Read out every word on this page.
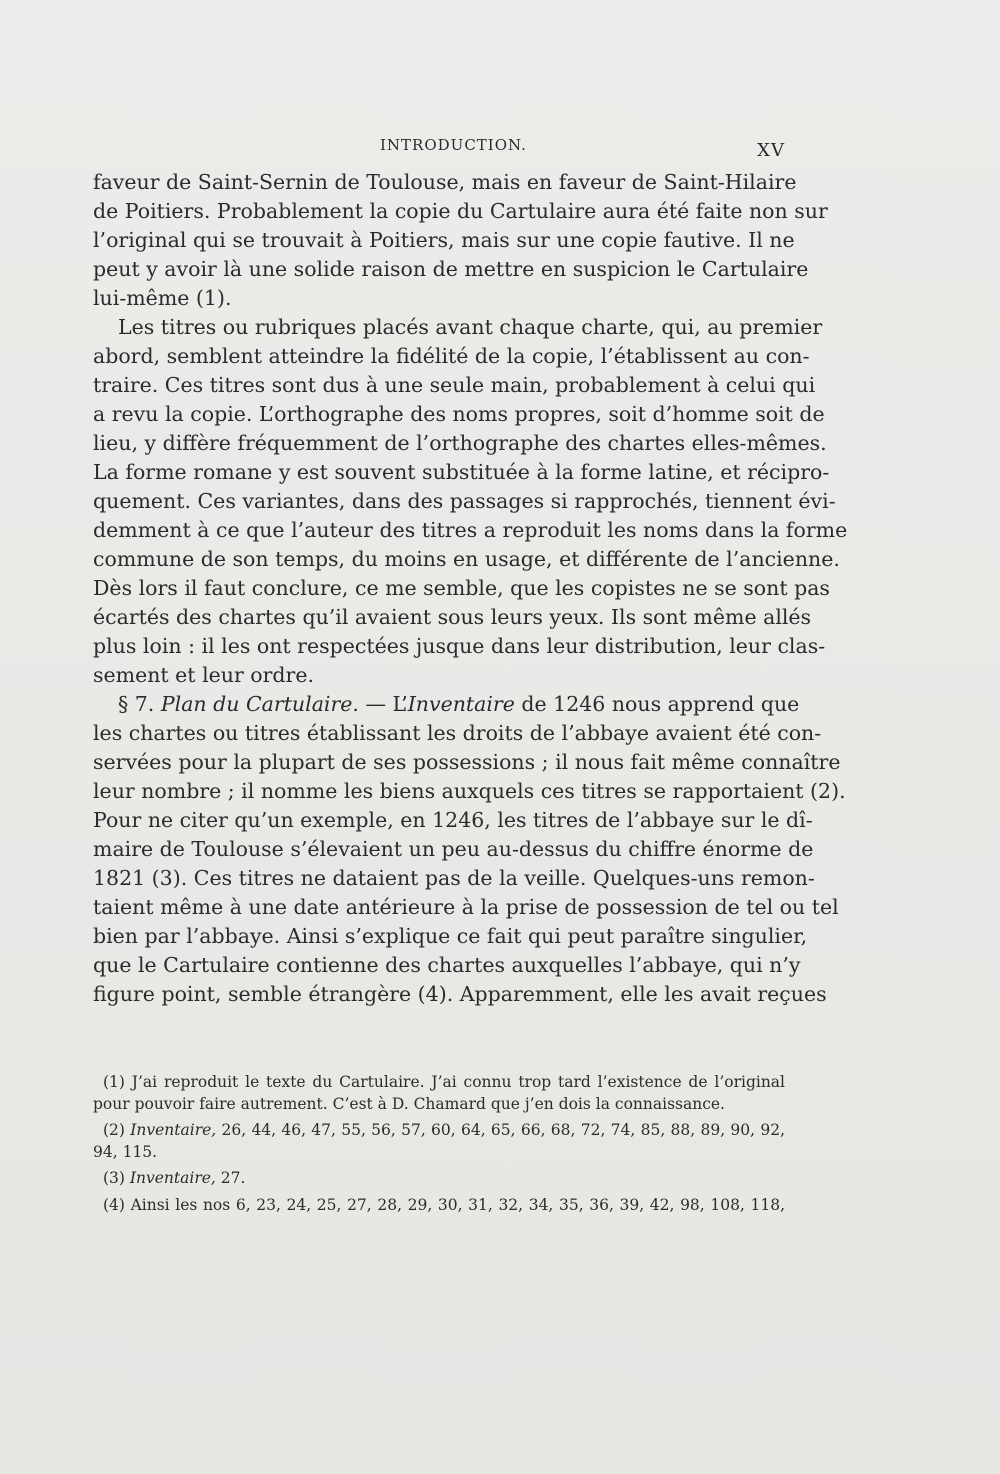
INTRODUCTION.	XV
faveur de Saint-Sernin de Toulouse, mais en faveur de Saint-Hilaire
de Poitiers. Probablement la copie du Cartulaire aura été faite non sur
l’original qui se trouvait à Poitiers, mais sur une copie fautive. Il ne
peut y avoir là une solide raison de mettre en suspicion le Cartulaire
lui-même (1).
Les titres ou rubriques placés avant chaque charte, qui, au premier
abord, semblent atteindre la fidélité de la copie, l’établissent au con-
traire. Ces titres sont dus à une seule main, probablement à celui qui
a revu la copie. L’orthographe des noms propres, soit d’homme soit de
lieu, y diffère fréquemment de l’orthographe des chartes elles-mêmes.
La forme romane y est souvent substituée à la forme latine, et récipro-
quement. Ces variantes, dans des passages si rapprochés, tiennent évi-
demment à ce que l’auteur des titres a reproduit les noms dans la forme
commune de son temps, du moins en usage, et différente de l’ancienne.
Dès lors il faut conclure, ce me semble, que les copistes ne se sont pas
écartés des chartes qu’il avaient sous leurs yeux. Ils sont même allés
plus loin : il les ont respectées jusque dans leur distribution, leur clas-
sement et leur ordre.
§ 7. Plan du Cartulaire. — L’Inventaire de 1246 nous apprend que
les chartes ou titres établissant les droits de l’abbaye avaient été con-
servées pour la plupart de ses possessions ; il nous fait même connaître
leur nombre ; il nomme les biens auxquels ces titres se rapportaient (2).
Pour ne citer qu’un exemple, en 1246, les titres de l’abbaye sur le dî-
maire de Toulouse s’élevaient un peu au-dessus du chiffre énorme de
1821 (3). Ces titres ne dataient pas de la veille. Quelques-uns remon-
taient même à une date antérieure à la prise de possession de tel ou tel
bien par l’abbaye. Ainsi s’explique ce fait qui peut paraître singulier,
que le Cartulaire contienne des chartes auxquelles l’abbaye, qui n’y
figure point, semble étrangère (4). Apparemment, elle les avait reçues
(1) J’ai reproduit le texte du Cartulaire. J’ai connu trop tard l’existence de l’original
pour pouvoir faire autrement. C’est à D. Chamard que j’en dois la connaissance.
(2) Inventaire, 26, 44, 46, 47, 55, 56, 57, 60, 64, 65, 66, 68, 72, 74, 85, 88, 89, 90, 92,
94, 115.
(3) Inventaire, 27.
(4) Ainsi les nos 6, 23, 24, 25, 27, 28, 29, 30, 31, 32, 34, 35, 36, 39, 42, 98, 108, 118,
